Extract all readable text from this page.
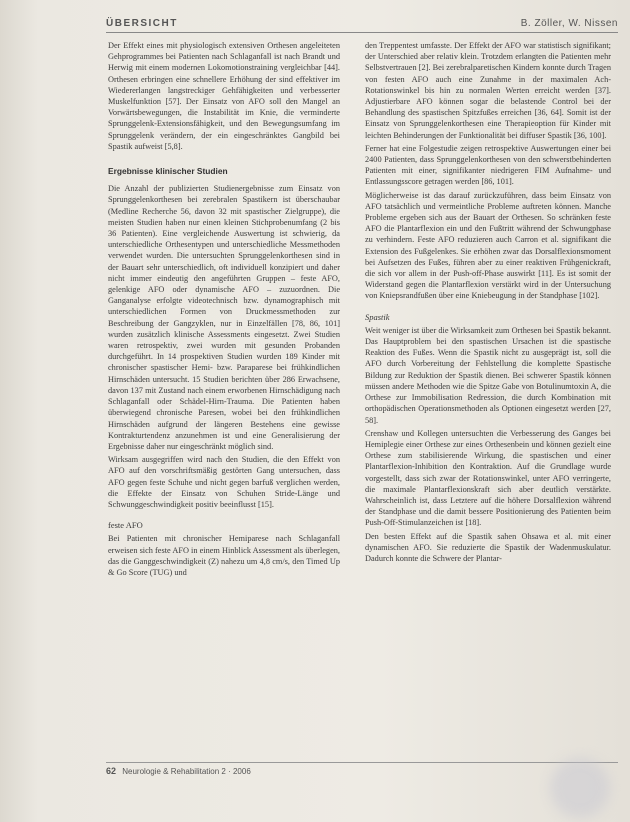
ÜBERSICHT	B. Zöller, W. Nissen

Der Effekt eines mit physiologisch extensiven Orthesen angeleiteten Gehprogrammes bei Patienten nach Schlaganfall ist nach Brandt und Herwig mit einem modernen Lokomotionstraining vergleichbar [44]. Orthesen erbringen eine schnellere Erhöhung der sind effektiver im Wiedererlangen langstreckiger Gehfähigkeiten und verbesserter Muskelfunktion [57]. Der Einsatz von AFO soll den Mangel an Vorwärtsbewegungen, die Instabilität im Knie, die verminderte Sprunggelenk-Extensionsfähigkeit, und den Bewegungsumfang im Sprunggelenk verändern, der ein eingeschränktes Gangbild bei Spastik aufweist [5,8].

Ergebnisse klinischer Studien

Die Anzahl der publizierten Studienergebnisse zum Einsatz von Sprunggelenkorthesen bei zerebralen Spastikern ist überschaubar (Medline Recherche 56, davon 32 mit spastischer Zielgruppe), die meisten Studien haben nur einen kleinen Stichprobenumfang (2 bis 36 Patienten). Eine vergleichende Auswertung ist schwierig, da unterschiedliche Orthesentypen und unterschiedliche Messmethoden verwendet wurden. Die untersuchten Sprunggelenkorthesen sind in der Bauart sehr unterschiedlich, oft individuell konzipiert und daher nicht immer eindeutig den angeführten Gruppen – feste AFO, gelenkige AFO oder dynamische AFO – zuzuordnen. Die Ganganalyse erfolgte videotechnisch bzw. dynamographisch mit unterschiedlichen Formen von Druckmessmethoden zur Beschreibung der Gangzyklen, nur in Einzelfällen [78, 86, 101] wurden zusätzlich klinische Assessments eingesetzt. Zwei Studien waren retrospektiv, zwei wurden mit gesunden Probanden durchgeführt. In 14 prospektiven Studien wurden 189 Kinder mit chronischer spastischer Hemi- bzw. Paraparese bei frühkindlichen Hirnschäden untersucht. 15 Studien berichten über 286 Erwachsene, davon 137 mit Zustand nach einem erworbenen Hirnschädigung nach Schlaganfall oder Schädel-Hirn-Trauma. Die Patienten haben überwiegend chronische Paresen, wobei bei den frühkindlichen Hirnschäden aufgrund der längeren Bestehens eine gewisse Kontrakturtendenz anzunehmen ist und eine Generalisierung der Ergebnisse daher nur eingeschränkt möglich sind.

Wirksam ausgegriffen wird nach den Studien, die den Effekt von AFO auf den vorschriftsmäßig gestörten Gang untersuchen, dass AFO gegen feste Schuhe und nicht gegen barfuß verglichen werden, die Effekte der Einsatz von Schuhen Stride-Länge und Schwunggeschwindigkeit positiv beeinflusst [15].

feste AFO

Bei Patienten mit chronischer Hemiparese nach Schlaganfall erweisen sich feste AFO in einem Hinblick Assessment als überlegen, das die Ganggeschwindigkeit (Z) nahezu um 4,8 cm/s, den Timed Up & Go Score (TUG) und

den Treppentest umfasste. Der Effekt der AFO war statistisch signifikant; der Unterschied aber relativ klein. Trotzdem erlangten die Patienten mehr Selbstvertrauen [2]. Bei zerebralparetischen Kindern konnte durch Tragen von festen AFO auch eine Zunahme in der maximalen Ach-Rotationswinkel bis hin zu normalen Werten erreicht werden [37]. Adjustierbare AFO können sogar die belastende Control bei der Behandlung des spastischen Spitzfußes erreichen [36, 64]. Somit ist der Einsatz von Sprunggelenkorthesen eine Therapieoption für Kinder mit leichten Behinderungen der Funktionalität bei diffuser Spastik [36, 100].

Ferner hat eine Folgestudie zeigen retrospektive Auswertungen einer bei 2400 Patienten, dass Sprunggelenkorthesen von den schwerstbehinderten Patienten mit einer, signifikanter niedrigeren FIM Aufnahme- und Entlassungsscore getragen werden [86, 101].

Möglicherweise ist das darauf zurückzuführen, dass beim Einsatz von AFO tatsächlich und vermeintliche Probleme auftreten können. Manche Probleme ergeben sich aus der Bauart der Orthesen. So schränken feste AFO die Plantarflexion ein und den Fußtritt während der Schwungphase zu verhindern. Feste AFO reduzieren auch Carron et al. signifikant die Extension des Fußgelenkes. Sie erhöhen zwar das Dorsalflexionsmoment bei Aufsetzen des Fußes, führen aber zu einer reaktiven Frühgenickraft, die sich vor allem in der Push-off-Phase auswirkt [11]. Es ist somit der Widerstand gegen die Plantarflexion verstärkt wird in der Untersuchung von Kniepsrandfußen über eine Kniebeugung in der Standphase [102].

Spastik

Weit weniger ist über die Wirksamkeit zum Orthesen bei Spastik bekannt. Das Hauptproblem bei den spastischen Ursachen ist die spastische Reaktion des Fußes. Wenn die Spastik nicht zu ausgeprägt ist, soll die AFO durch Vorbereitung der Fehlstellung die komplette Spastische Bildung zur Reduktion der Spastik dienen. Bei schwerer Spastik können müssen andere Methoden wie die Spitze Gabe von Botulinumtoxin A, die Orthese zur Immobilisation Redression, die durch Kombination mit orthopädischen Operationsmethoden als Optionen eingesetzt werden [27, 58].

Crenshaw und Kollegen untersuchten die Verbesserung des Ganges bei Hemiplegie einer Orthese zur eines Orthesenbein und können gezielt eine Orthese zum stabilisierende Wirkung, die spastischen und einer Plantarflexion-Inhibition den Kontraktion. Auf die Grundlage wurde vorgestellt, dass sich zwar der Rotationswinkel, unter AFO verringerte, die maximale Plantarflexionskraft sich aber deutlich verstärkte. Wahrscheinlich ist, dass Letztere auf die höhere Dorsalflexion während der Standphase und die damit bessere Positionierung des Patienten beim Push-Off-Stimulanzeichen ist [18].

Den besten Effekt auf die Spastik sahen Ohsawa et al. mit einer dynamischen AFO. Sie reduzierte die Spastik der Wadenmuskulatur. Dadurch konnte die Schwere der Plantar-

62 Neurologie & Rehabilitation 2 · 2006
